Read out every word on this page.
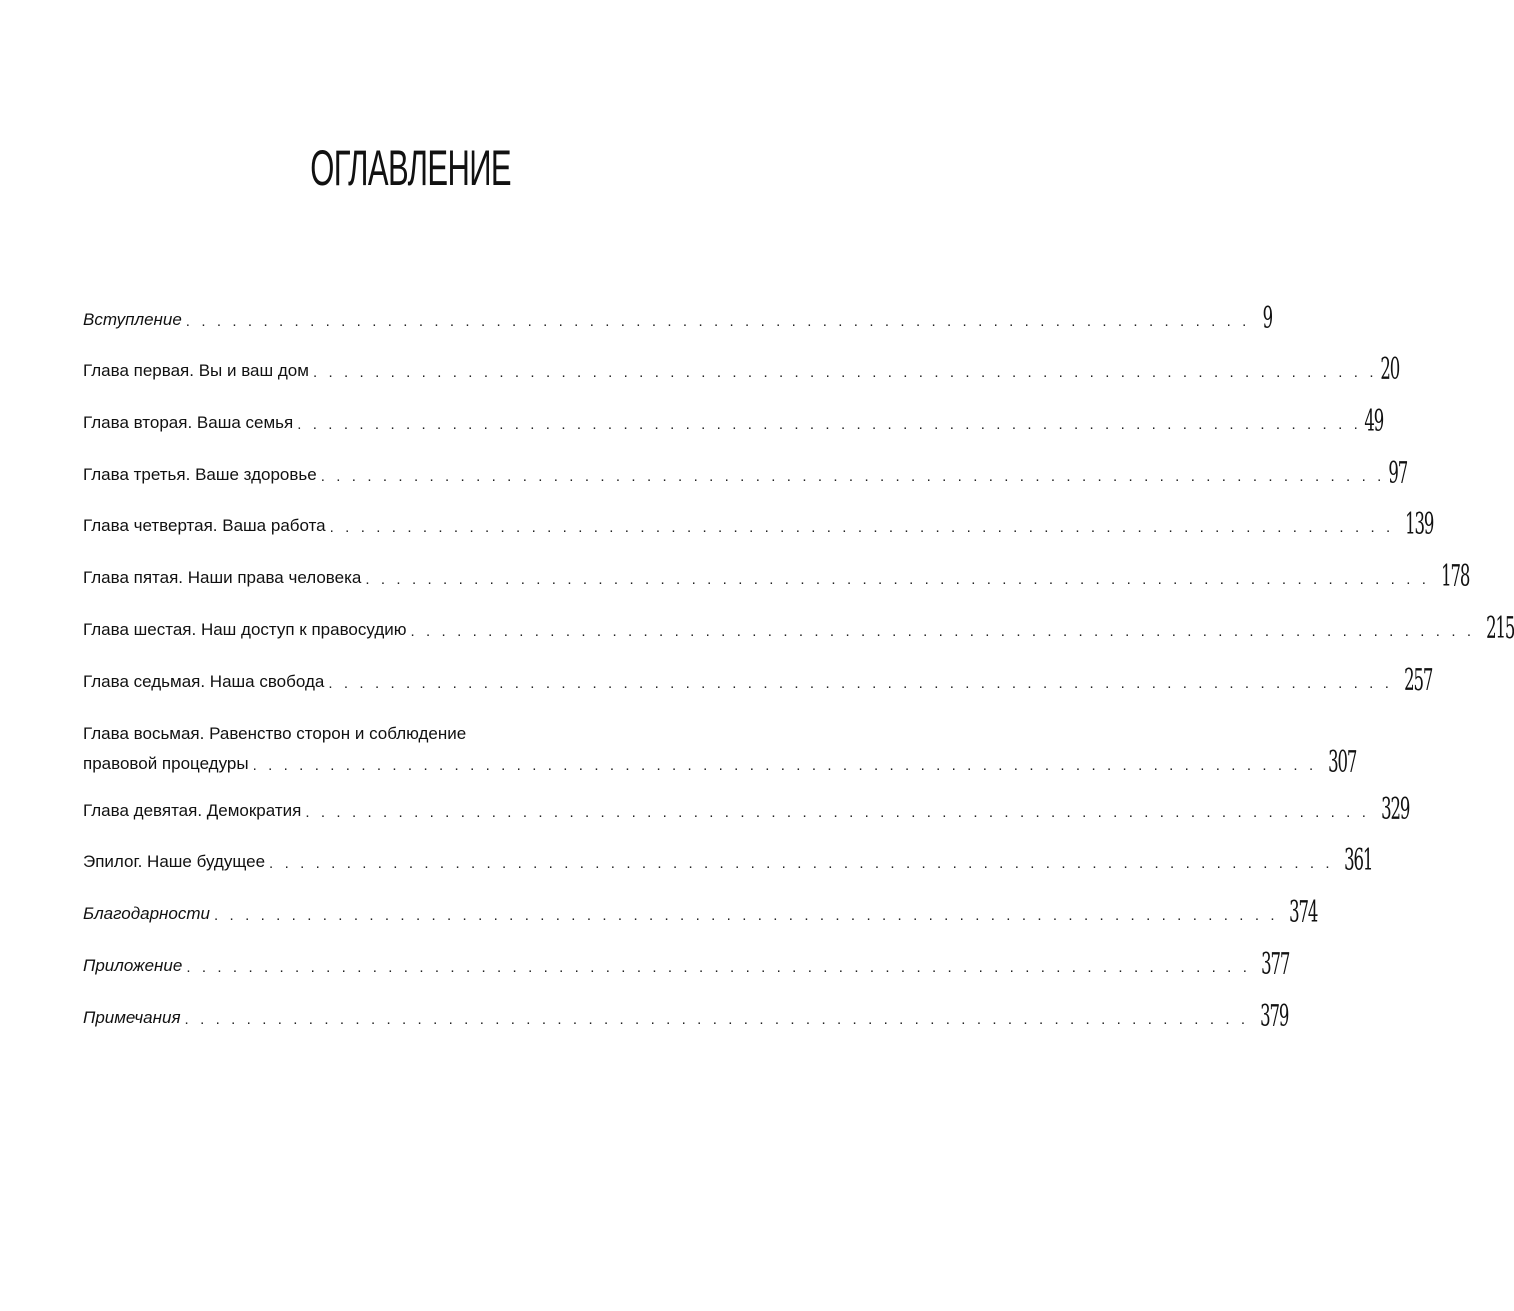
ОГЛАВЛЕНИЕ
Вступление . . . . . . . . . . . . . . . . . . . . . . . . . . . . . . . . . . . . . . . . . . . . . . . . . . . . . . . . . . . . . . . . . . . . . 9
Глава первая. Вы и ваш дом . . . . . . . . . . . . . . . . . . . . . . . . . . . . . . . . . . . . . . . . . . . . . . . . . . . . . . . . . . . . . . . . . . . . . 20
Глава вторая. Ваша семья . . . . . . . . . . . . . . . . . . . . . . . . . . . . . . . . . . . . . . . . . . . . . . . . . . . . . . . . . . . . . . . . . . . . . 49
Глава третья. Ваше здоровье . . . . . . . . . . . . . . . . . . . . . . . . . . . . . . . . . . . . . . . . . . . . . . . . . . . . . . . . . . . . . . . . . . . . . 97
Глава четвертая. Ваша работа . . . . . . . . . . . . . . . . . . . . . . . . . . . . . . . . . . . . . . . . . . . . . . . . . . . . . . . . . . . . . . . . . . . . . 139
Глава пятая. Наши права человека . . . . . . . . . . . . . . . . . . . . . . . . . . . . . . . . . . . . . . . . . . . . . . . . . . . . . . . . . . . . . . . . . . . . . 178
Глава шестая. Наш доступ к правосудию . . . . . . . . . . . . . . . . . . . . . . . . . . . . . . . . . . . . . . . . . . . . . . . . . . . . . . . . . . . . . . . . . . . . . 215
Глава седьмая. Наша свобода . . . . . . . . . . . . . . . . . . . . . . . . . . . . . . . . . . . . . . . . . . . . . . . . . . . . . . . . . . . . . . . . . . . . . 257
Глава восьмая. Равенство сторон и соблюдение
правовой процедуры . . . . . . . . . . . . . . . . . . . . . . . . . . . . . . . . . . . . . . . . . . . . . . . . . . . . . . . . . . . . . . . . . . . . . 307
Глава девятая. Демократия . . . . . . . . . . . . . . . . . . . . . . . . . . . . . . . . . . . . . . . . . . . . . . . . . . . . . . . . . . . . . . . . . . . . . 329
Эпилог. Наше будущее . . . . . . . . . . . . . . . . . . . . . . . . . . . . . . . . . . . . . . . . . . . . . . . . . . . . . . . . . . . . . . . . . . . . . 361
Благодарности . . . . . . . . . . . . . . . . . . . . . . . . . . . . . . . . . . . . . . . . . . . . . . . . . . . . . . . . . . . . . . . . . . . . . 374
Приложение . . . . . . . . . . . . . . . . . . . . . . . . . . . . . . . . . . . . . . . . . . . . . . . . . . . . . . . . . . . . . . . . . . . . . 377
Примечания . . . . . . . . . . . . . . . . . . . . . . . . . . . . . . . . . . . . . . . . . . . . . . . . . . . . . . . . . . . . . . . . . . . . . 379
